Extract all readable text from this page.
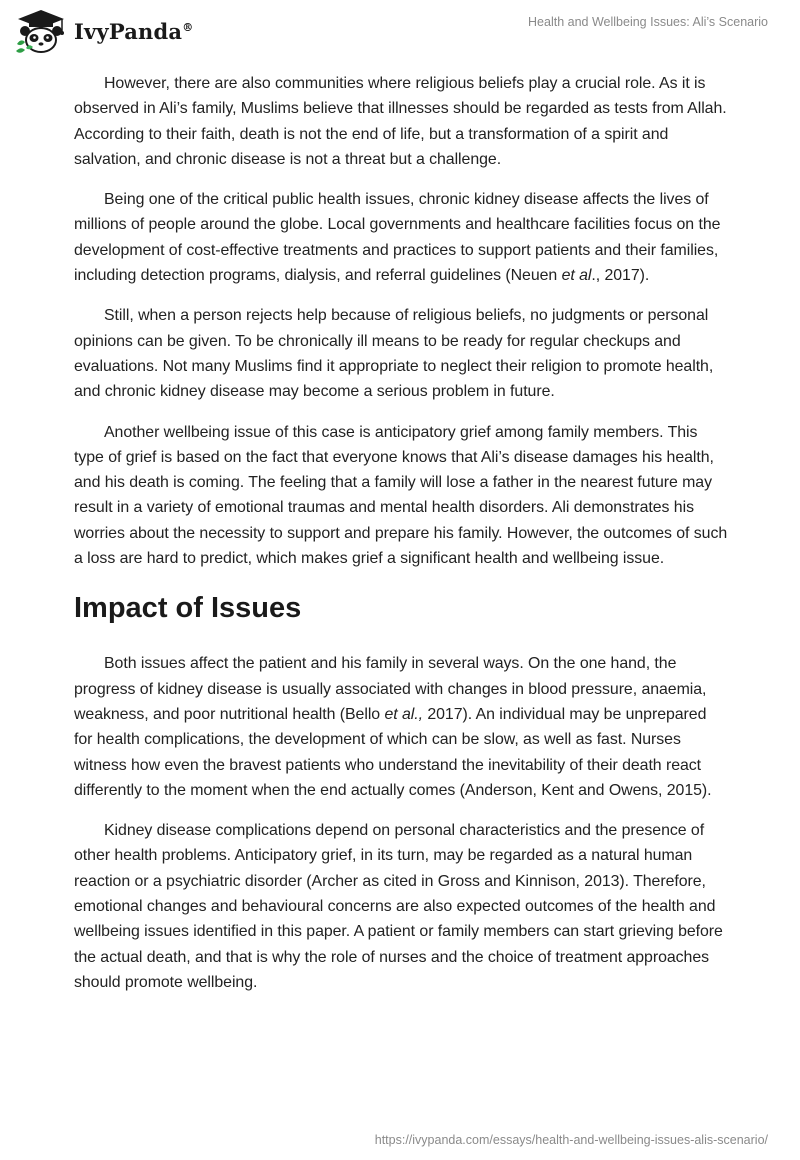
IvyPanda®	Health and Wellbeing Issues: Ali’s Scenario

However, there are also communities where religious beliefs play a crucial role. As it is observed in Ali’s family, Muslims believe that illnesses should be regarded as tests from Allah. According to their faith, death is not the end of life, but a transformation of a spirit and salvation, and chronic disease is not a threat but a challenge.

Being one of the critical public health issues, chronic kidney disease affects the lives of millions of people around the globe. Local governments and healthcare facilities focus on the development of cost-effective treatments and practices to support patients and their families, including detection programs, dialysis, and referral guidelines (Neuen et al., 2017).

Still, when a person rejects help because of religious beliefs, no judgments or personal opinions can be given. To be chronically ill means to be ready for regular checkups and evaluations. Not many Muslims find it appropriate to neglect their religion to promote health, and chronic kidney disease may become a serious problem in future.

Another wellbeing issue of this case is anticipatory grief among family members. This type of grief is based on the fact that everyone knows that Ali’s disease damages his health, and his death is coming. The feeling that a family will lose a father in the nearest future may result in a variety of emotional traumas and mental health disorders. Ali demonstrates his worries about the necessity to support and prepare his family. However, the outcomes of such a loss are hard to predict, which makes grief a significant health and wellbeing issue.

Impact of Issues

Both issues affect the patient and his family in several ways. On the one hand, the progress of kidney disease is usually associated with changes in blood pressure, anaemia, weakness, and poor nutritional health (Bello et al., 2017). An individual may be unprepared for health complications, the development of which can be slow, as well as fast. Nurses witness how even the bravest patients who understand the inevitability of their death react differently to the moment when the end actually comes (Anderson, Kent and Owens, 2015).

Kidney disease complications depend on personal characteristics and the presence of other health problems. Anticipatory grief, in its turn, may be regarded as a natural human reaction or a psychiatric disorder (Archer as cited in Gross and Kinnison, 2013). Therefore, emotional changes and behavioural concerns are also expected outcomes of the health and wellbeing issues identified in this paper. A patient or family members can start grieving before the actual death, and that is why the role of nurses and the choice of treatment approaches should promote wellbeing.

https://ivypanda.com/essays/health-and-wellbeing-issues-alis-scenario/
